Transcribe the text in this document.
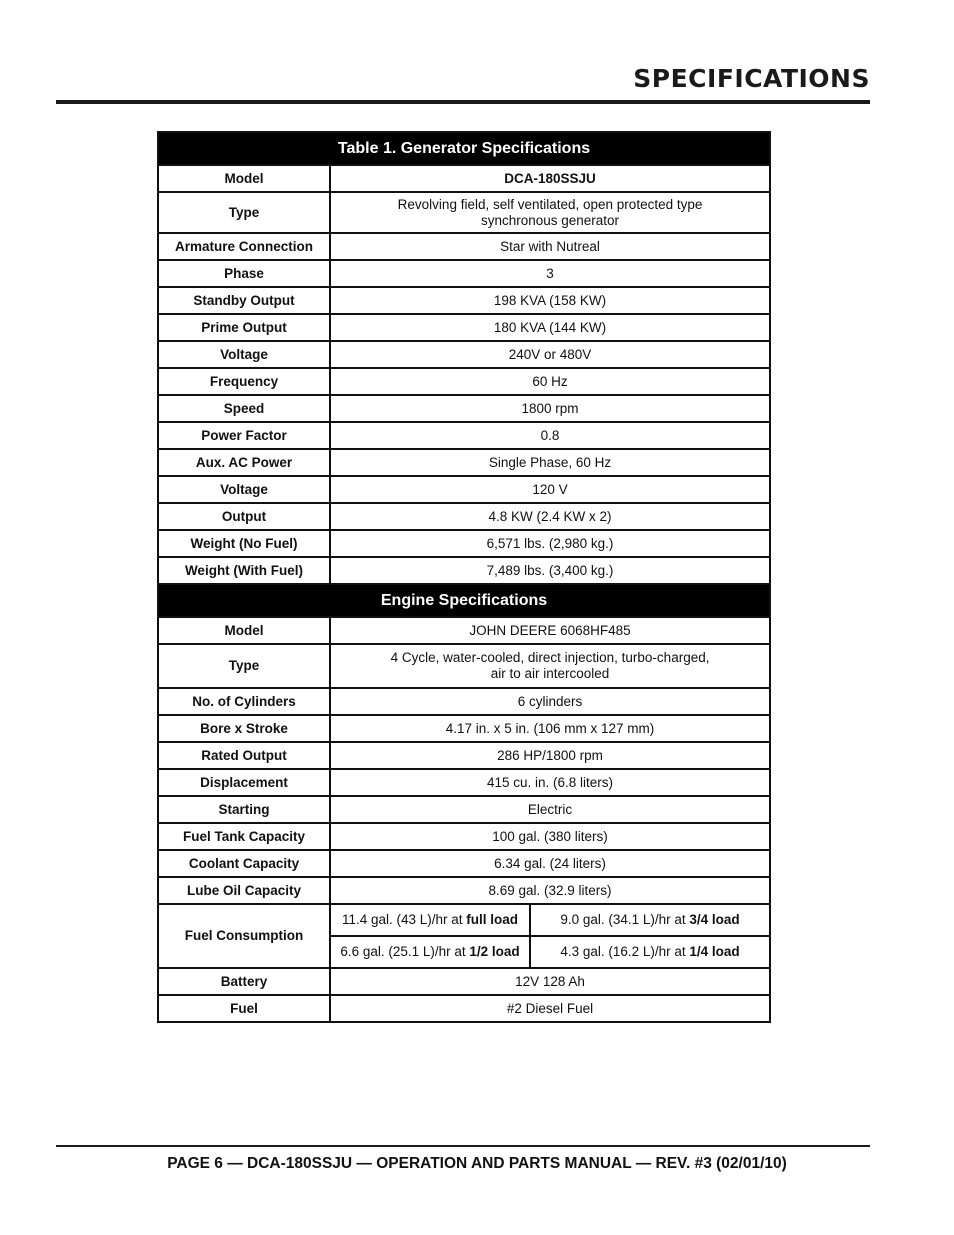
SPECIFICATIONS
Table 1. Generator Specifications		
Model	DCA-180SSJU	
Type	Revolving field, self ventilated, open protected type synchronous generator	
Armature Connection	Star with Nutreal	
Phase	3	
Standby Output	198 KVA (158 KW)	
Prime Output	180 KVA (144 KW)	
Voltage	240V or 480V	
Frequency	60 Hz	
Speed	1800 rpm	
Power Factor	0.8	
Aux. AC Power	Single Phase, 60 Hz	
Voltage	120 V	
Output	4.8 KW (2.4 KW x 2)	
Weight (No Fuel)	6,571 lbs. (2,980 kg.)	
Weight (With Fuel)	7,489 lbs. (3,400 kg.)	
Engine Specifications		
Model	JOHN DEERE 6068HF485	
Type	4 Cycle, water-cooled, direct injection, turbo-charged,
air to air intercooled	

No. of Cylinders	6 cylinders	
Bore x Stroke	4.17 in. x 5 in. (106 mm x 127 mm)	
Rated Output	286 HP/1800 rpm	
Displacement	415 cu. in. (6.8 liters)	
Starting	Electric	
Fuel Tank Capacity	100 gal. (380 liters)	
Coolant Capacity	6.34 gal. (24 liters)	
Lube Oil Capacity	8.69 gal. (32.9 liters)	
Fuel Consumption	11.4 gal. (43 L)/hr at full load	9.0 gal. (34.1 L)/hr at 3/4 load
	6.6 gal. (25.1 L)/hr at 1/2 load	4.3 gal. (16.2 L)/hr at 1/4 load
Battery	12V 128 Ah	
Fuel	#2 Diesel Fuel	
PAGE 6 — DCA-180SSJU — OPERATION AND PARTS MANUAL — REV. #3 (02/01/10)
